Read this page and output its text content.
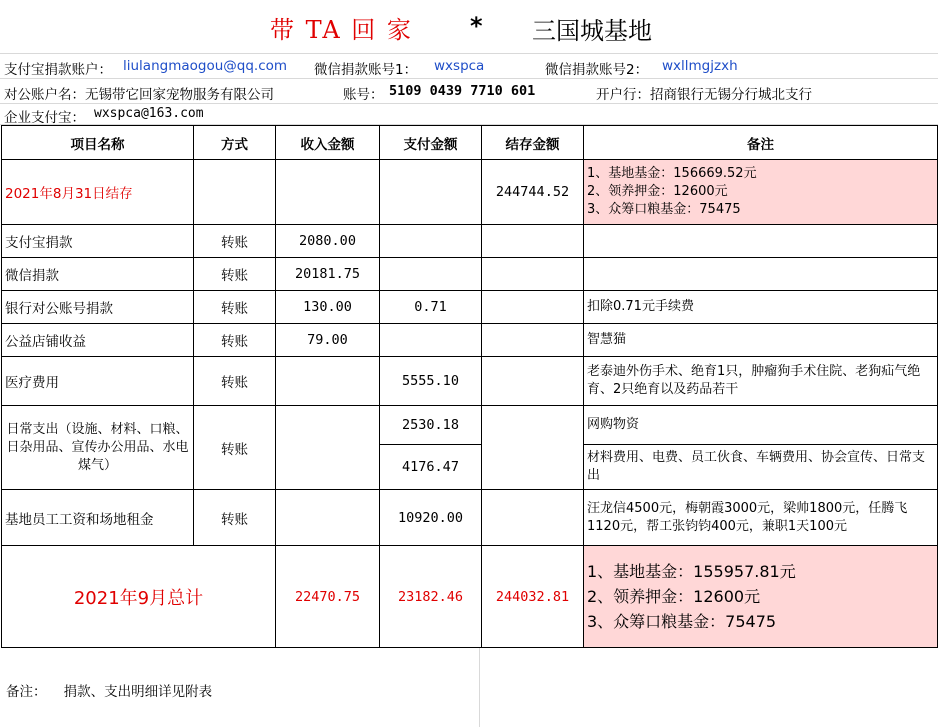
带 TA 回 家 * 三国城基地
支付宝捐款账户： liulangmaogou@qq.com 微信捐款账号1： wxspca	微信捐款账号2： wxllmgjzxh
对公账户名：无锡带它回家宠物服务有限公司	账号： 5109 0439 7710 601	开户行：招商银行无锡分行城北支行
企业支付宝： wxspca@163.com
项目名称	方式	收入金额	支付金额	结存金额	备注
2021年8月31日结存				244744.52	1、基地基金：156669.52元
2、领养押金：12600元
3、众筹口粮基金：75475

支付宝捐款	转账	2080.00			
微信捐款	转账	20181.75			
银行对公账号捐款	转账	130.00	0.71		扣除0.71元手续费
公益店铺收益	转账	79.00			智慧猫
医疗费用	转账		5555.10		老泰迪外伤手术、绝育1只，肿瘤狗手术住院、老狗疝气绝育、2只绝育以及药品若干
日常支出（设施、材料、口粮、日杂用品、宣传办公用品、水电煤气）	转账		2530.18		网购物资
			4176.47		材料费用、电费、员工伙食、车辆费用、协会宣传、日常支出
基地员工工资和场地租金	转账		10920.00		汪龙信4500元，梅朝霞3000元，梁帅1800元，任腾飞1120元，帮工张钧钧400元，兼职1天100元
2021年9月总计		22470.75	23182.46	244032.81	1、基地基金：155957.81元
2、领养押金：12600元
3、众筹口粮基金：75475
备注：    捐款、支出明细详见附表
